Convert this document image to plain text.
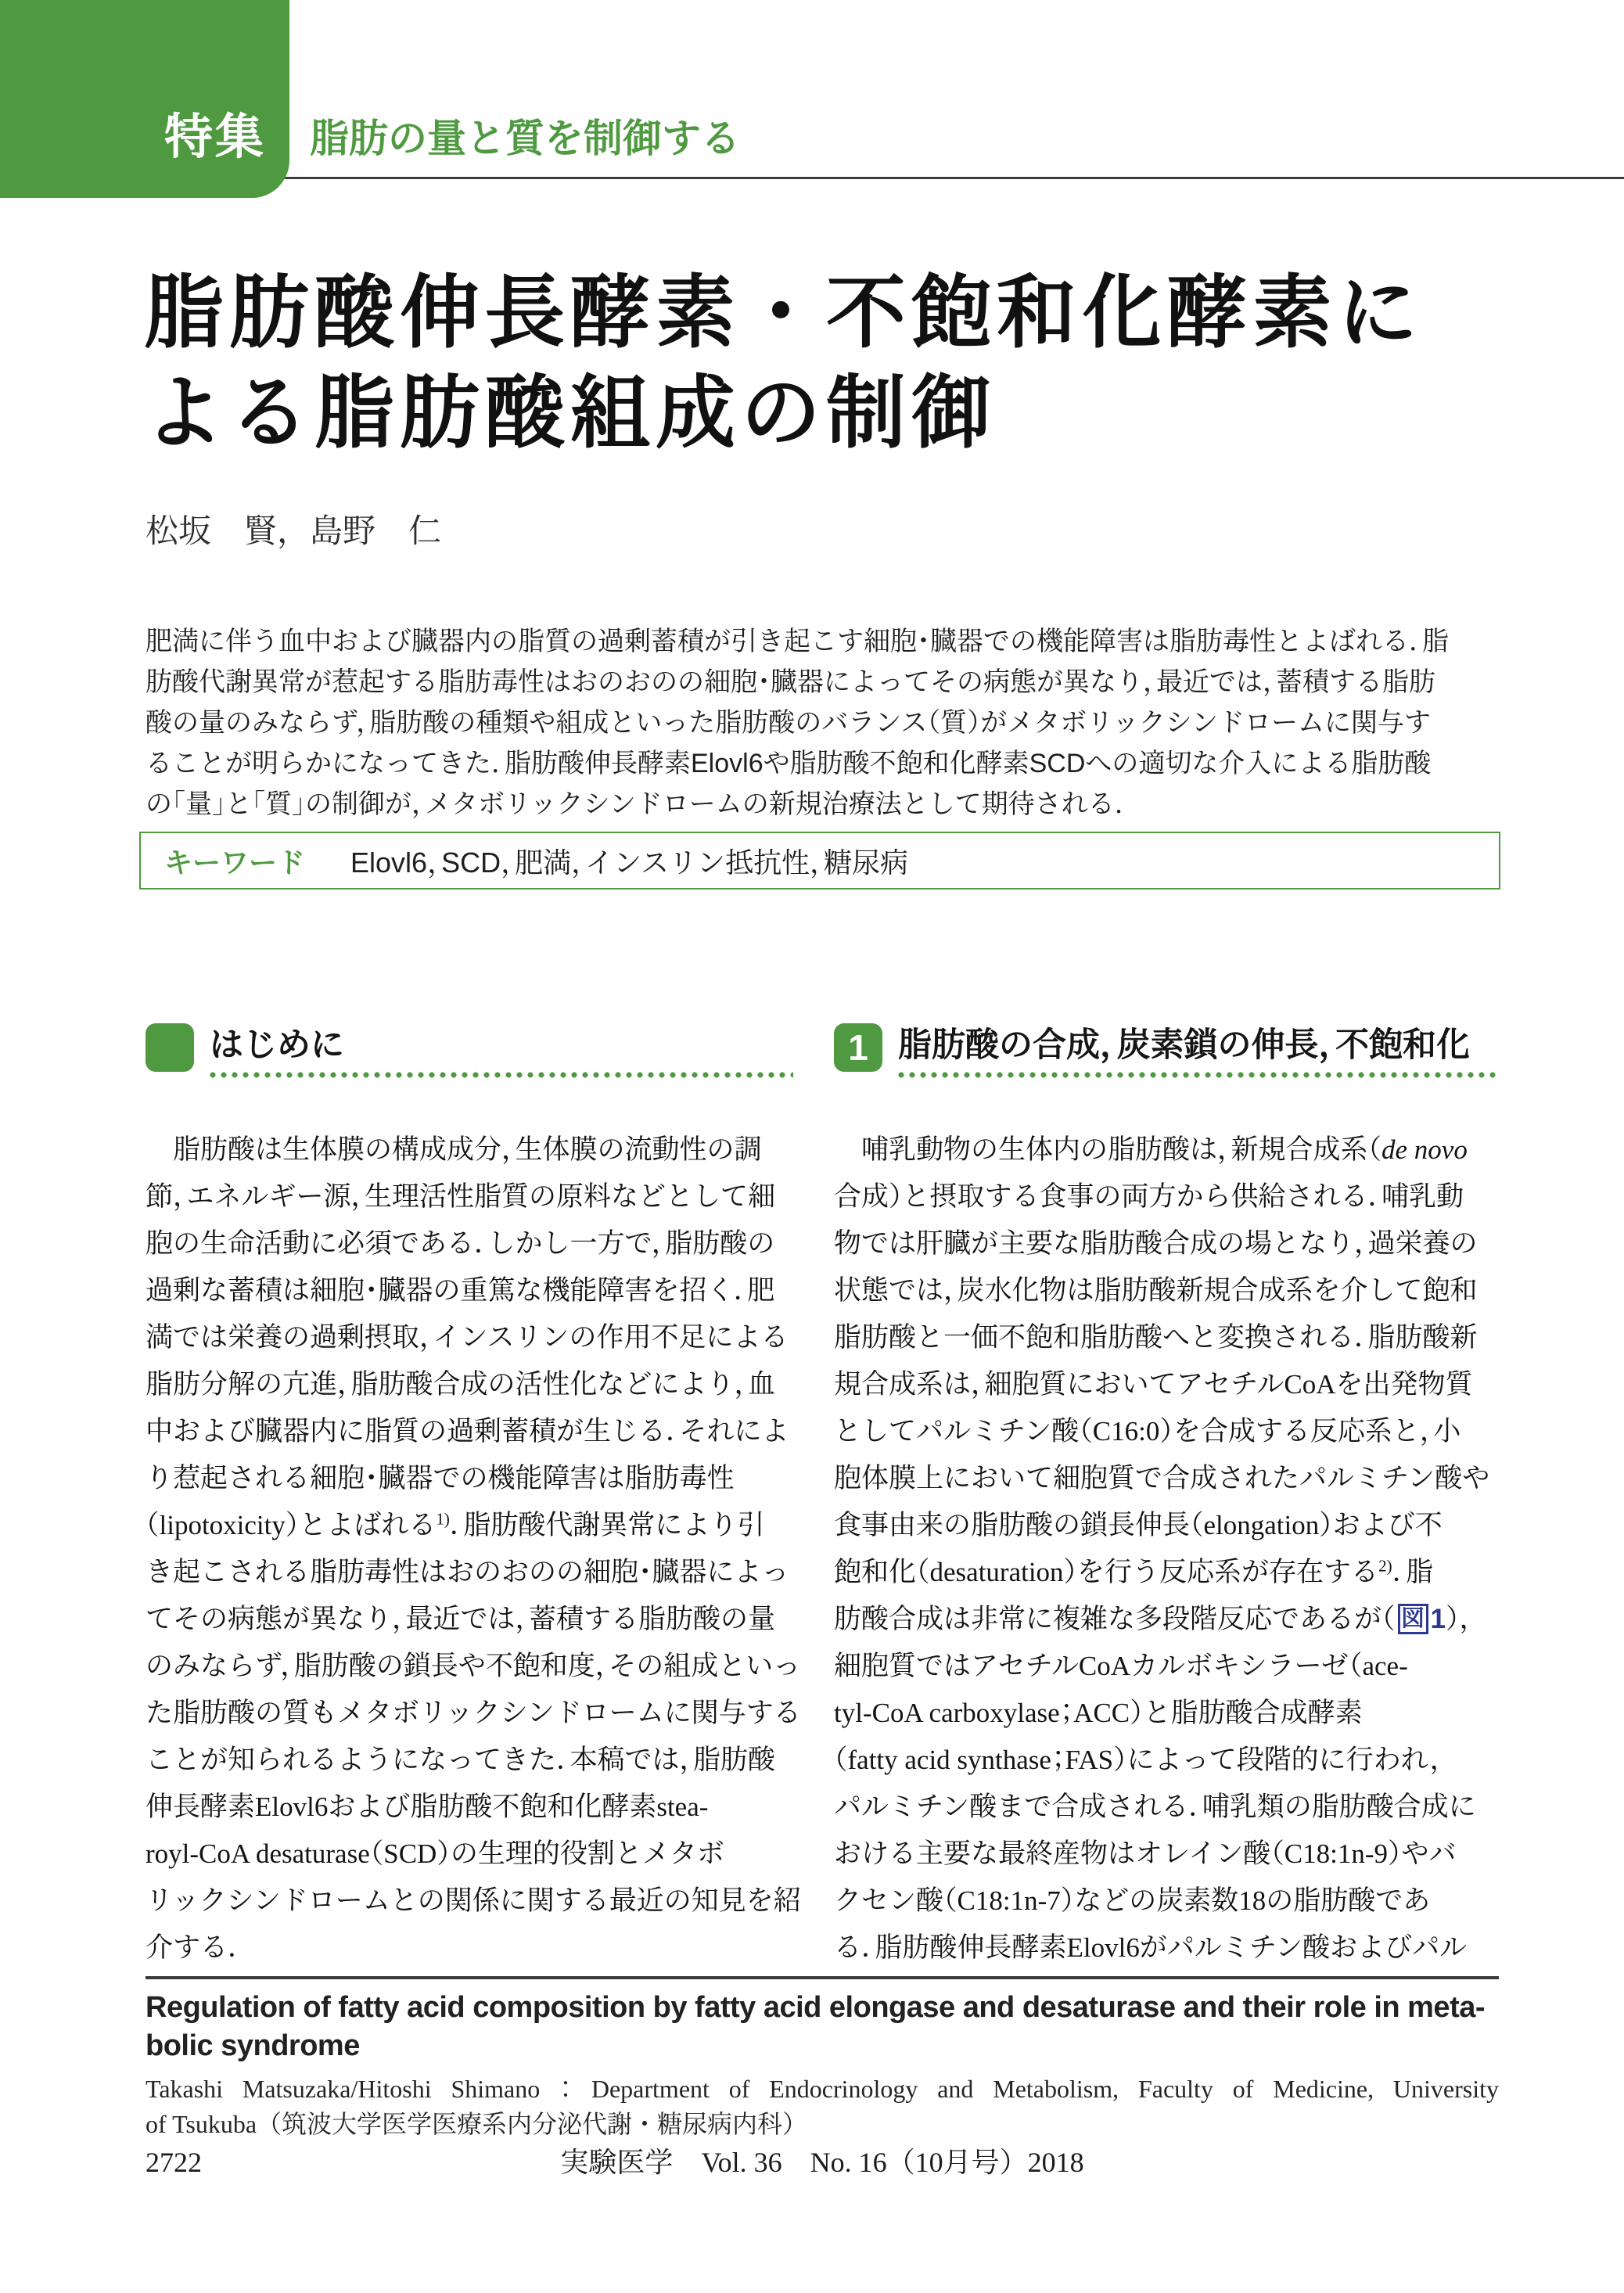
特集 脂肪の量と質を制御する
脂肪酸伸長酵素・不飽和化酵素に
よる脂肪酸組成の制御
松坂　賢，島野　仁
肥満に伴う血中および臓器内の脂質の過剰蓄積が引き起こす細胞・臓器での機能障害は脂肪毒性とよばれる．脂
肪酸代謝異常が惹起する脂肪毒性はおのおのの細胞・臓器によってその病態が異なり，最近では，蓄積する脂肪
酸の量のみならず，脂肪酸の種類や組成といった脂肪酸のバランス（質）がメタボリックシンドロームに関与す
ることが明らかになってきた．脂肪酸伸長酵素Elovl6や脂肪酸不飽和化酵素SCDへの適切な介入による脂肪酸
の「量」と「質」の制御が，メタボリックシンドロームの新規治療法として期待される．
キーワード Elovl6，SCD，肥満，インスリン抵抗性，糖尿病
はじめに	1 脂肪酸の合成，炭素鎖の伸長，不飽和化
　脂肪酸は生体膜の構成成分，生体膜の流動性の調
節，エネルギー源，生理活性脂質の原料などとして細
胞の生命活動に必須である．しかし一方で，脂肪酸の
過剰な蓄積は細胞・臓器の重篤な機能障害を招く．肥
満では栄養の過剰摂取，インスリンの作用不足による
脂肪分解の亢進，脂肪酸合成の活性化などにより，血
中および臓器内に脂質の過剰蓄積が生じる．それによ
り惹起される細胞・臓器での機能障害は脂肪毒性
（lipotoxicity）とよばれる$^{1)}$．脂肪酸代謝異常により引
き起こされる脂肪毒性はおのおのの細胞・臓器によっ
てその病態が異なり，最近では，蓄積する脂肪酸の量
のみならず，脂肪酸の鎖長や不飽和度，その組成といっ
た脂肪酸の質もメタボリックシンドロームに関与する
ことが知られるようになってきた．本稿では，脂肪酸
伸長酵素Elovl6および脂肪酸不飽和化酵素stea-
royl-CoA desaturase（SCD）の生理的役割とメタボ
リックシンドロームとの関係に関する最近の知見を紹
介する．
　哺乳動物の生体内の脂肪酸は，新規合成系（de novo
合成）と摂取する食事の両方から供給される．哺乳動
物では肝臓が主要な脂肪酸合成の場となり，過栄養の
状態では，炭水化物は脂肪酸新規合成系を介して飽和
脂肪酸と一価不飽和脂肪酸へと変換される．脂肪酸新
規合成系は，細胞質においてアセチルCoAを出発物質
としてパルミチン酸（C16:0）を合成する反応系と，小
胞体膜上において細胞質で合成されたパルミチン酸や
食事由来の脂肪酸の鎖長伸長（elongation）および不
飽和化（desaturation）を行う反応系が存在する$^{2)}$．脂
肪酸合成は非常に複雑な多段階反応であるが（ 図 1），
細胞質ではアセチルCoAカルボキシラーゼ（ace-
tyl-CoA carboxylase；ACC）と脂肪酸合成酵素
（fatty acid synthase；FAS）によって段階的に行われ，
パルミチン酸まで合成される．哺乳類の脂肪酸合成に
おける主要な最終産物はオレイン酸（C18:1n-9）やバ
クセン酸（C18:1n-7）などの炭素数18の脂肪酸であ
る．脂肪酸伸長酵素Elovl6がパルミチン酸およびパル
Regulation of fatty acid composition by fatty acid elongase and desaturase and their role in meta-
bolic syndrome
Takashi Matsuzaka/Hitoshi Shimano：Department of Endocrinology and Metabolism, Faculty of Medicine, University
of Tsukuba（筑波大学医学医療系内分泌代謝・糖尿病内科）
2722	実験医学　Vol. 36　No. 16（10月号）2018
